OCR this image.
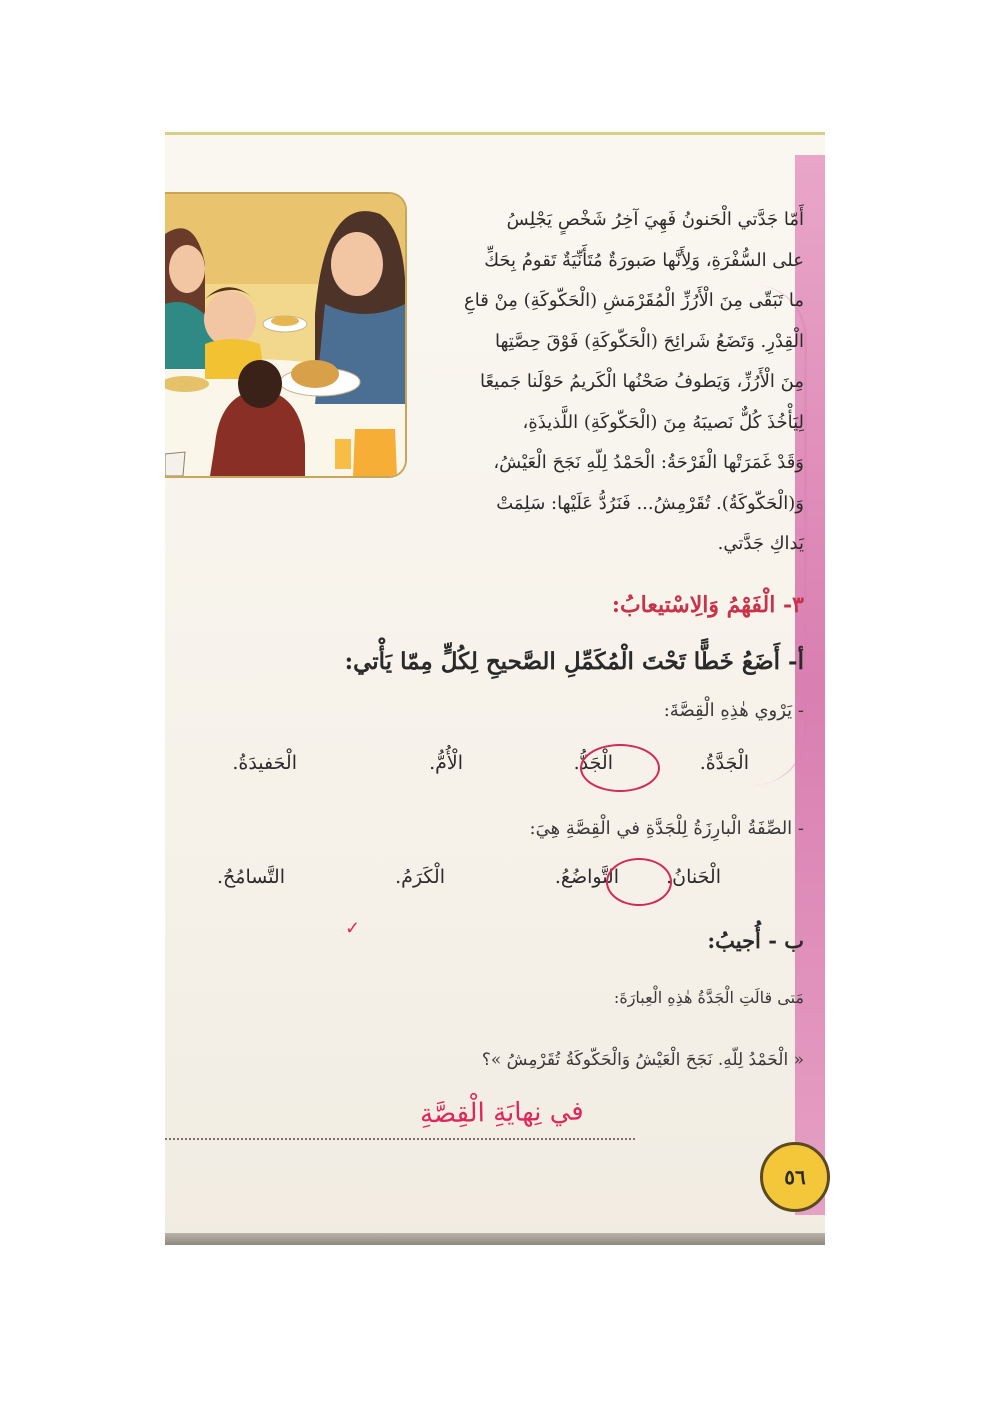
أَمّا جَدَّتي الْحَنونُ فَهِيَ آخِرُ شَخْصٍ يَجْلِسُ

على السُّفْرَةِ، وَلِأَنَّها صَبورَةٌ مُتَأَنِّيَةٌ تَقومُ بِحَكِّ

ما تَبَقّى مِنَ الْأَرُزِّ الْمُقَرْمَشِ (الْحَكّوكَةِ) مِنْ قاعِ

الْقِدْرِ. وَتَضَعُ شَرائِحَ (الْحَكّوكَةِ) فَوْقَ حِصَّتِها

مِنَ الْأَرُزِّ، وَيَطوفُ صَحْنُها الْكَريمُ حَوْلَنا جَميعًا

لِيَأْخُذَ كُلٌّ نَصيبَهُ مِنَ (الْحَكّوكَةِ) اللَّذيذَةِ،

وَقَدْ غَمَرَتْها الْفَرْحَةُ: الْحَمْدُ لِلّهِ نَجَحَ الْعَيْشُ،

وَ(الْحَكّوكَةُ). تُقَرْمِشُ... فَنَرُدُّ عَلَيْها: سَلِمَتْ

يَداكِ جَدَّتي.

٣- الْفَهْمُ وَالِاسْتيعابُ:
أ- أَضَعُ خَطًّا تَحْتَ الْمُكَمِّلِ الصَّحيحِ لِكُلٍّ مِمّا يَأْتي:
- يَرْوي هٰذِهِ الْقِصَّةَ:
الْجَدَّةُ.
الْجَدُّ.
الْأُمُّ.
الْحَفيدَةُ.
- الصِّفَةُ الْبارِزَةُ لِلْجَدَّةِ في الْقِصَّةِ هِيَ:
الْحَنانُ.
التَّواضُعُ.
الْكَرَمُ.
التَّسامُحُ.
✓	ب - أُجيبُ:
مَتى قالَتِ الْجَدَّةُ هٰذِهِ الْعِبارَةَ:
« الْحَمْدُ لِلّهِ. نَجَحَ الْعَيْشُ وَالْحَكّوكَةُ تُقَرْمِشُ »؟
في نِهايَةِ الْقِصَّةِ
٥٦
